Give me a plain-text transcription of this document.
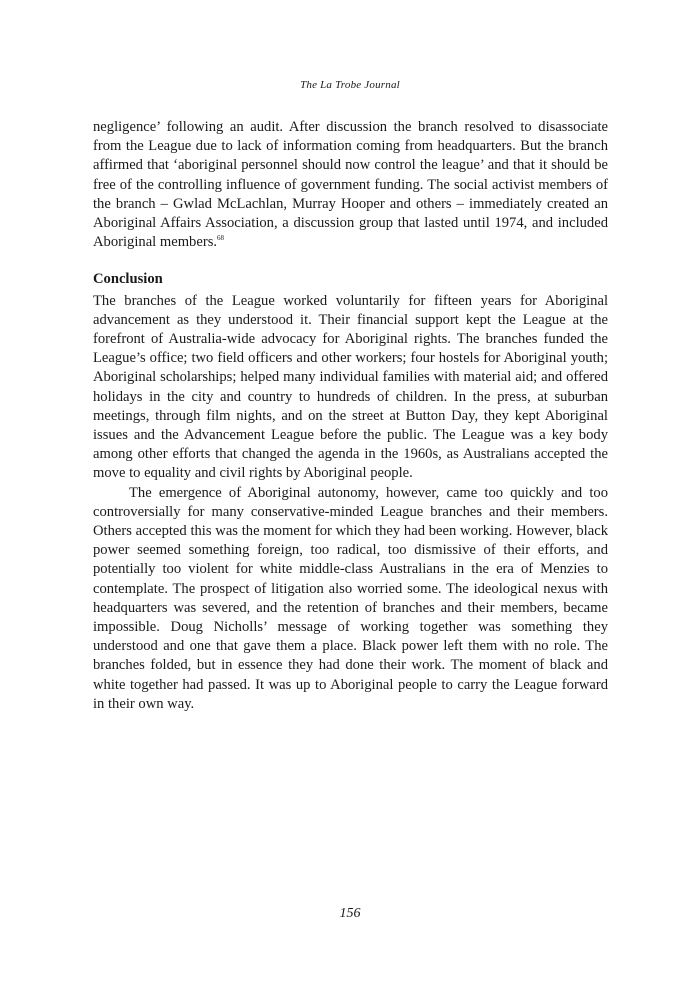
The La Trobe Journal

negligence’ following an audit. After discussion the branch resolved to disassociate from the League due to lack of information coming from headquarters. But the branch affirmed that ‘aboriginal personnel should now control the league’ and that it should be free of the controlling influence of government funding. The social activist members of the branch – Gwlad McLachlan, Murray Hooper and others – immediately created an Aboriginal Affairs Association, a discussion group that lasted until 1974, and included Aboriginal members.$^{68}$

Conclusion

The branches of the League worked voluntarily for fifteen years for Aboriginal advancement as they understood it. Their financial support kept the League at the forefront of Australia-wide advocacy for Aboriginal rights. The branches funded the League’s office; two field officers and other workers; four hostels for Aboriginal youth; Aboriginal scholarships; helped many individual families with material aid; and offered holidays in the city and country to hundreds of children. In the press, at suburban meetings, through film nights, and on the street at Button Day, they kept Aboriginal issues and the Advancement League before the public. The League was a key body among other efforts that changed the agenda in the 1960s, as Australians accepted the move to equality and civil rights by Aboriginal people.

The emergence of Aboriginal autonomy, however, came too quickly and too controversially for many conservative-minded League branches and their members. Others accepted this was the moment for which they had been working. However, black power seemed something foreign, too radical, too dismissive of their efforts, and potentially too violent for white middle-class Australians in the era of Menzies to contemplate. The prospect of litigation also worried some. The ideological nexus with headquarters was severed, and the retention of branches and their members, became impossible. Doug Nicholls’ message of working together was something they understood and one that gave them a place. Black power left them with no role. The branches folded, but in essence they had done their work. The moment of black and white together had passed. It was up to Aboriginal people to carry the League forward in their own way.

156
